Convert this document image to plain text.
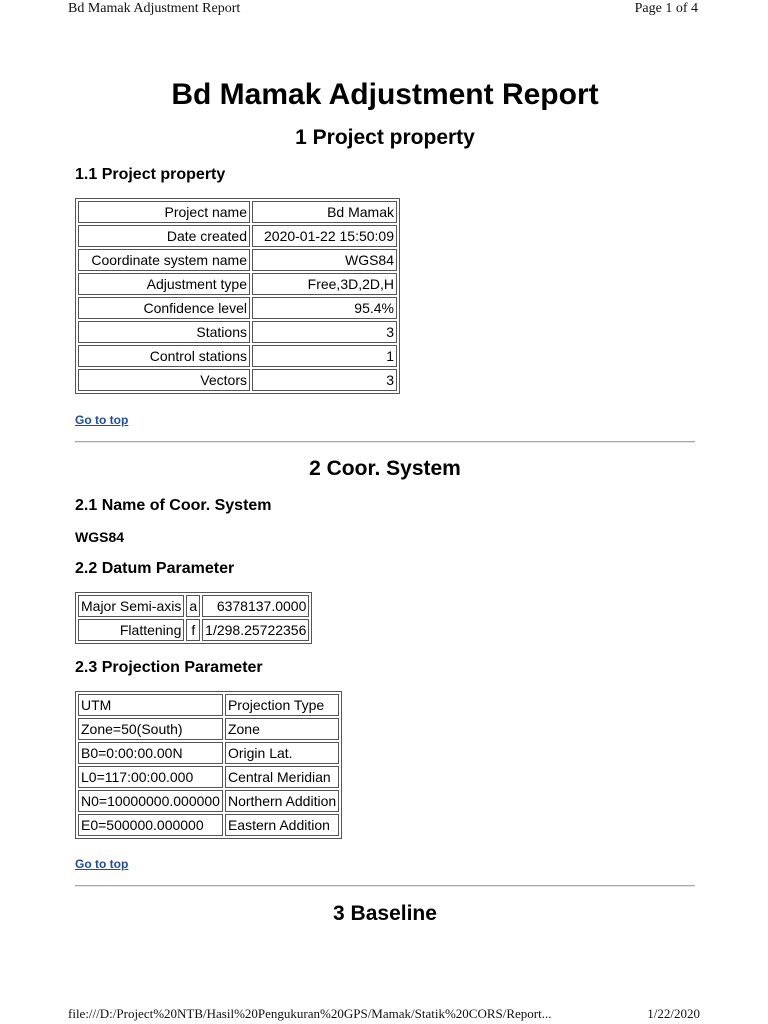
Bd Mamak Adjustment Report	Page 1 of 4
Bd Mamak Adjustment Report
1 Project property
1.1 Project property
Project name	Bd Mamak
Date created	2020-01-22 15:50:09
Coordinate system name	WGS84
Adjustment type	Free,3D,2D,H
Confidence level	95.4%
Stations	3
Control stations	1
Vectors	3
Go to top
2 Coor. System
2.1 Name of Coor. System
WGS84
2.2 Datum Parameter
Major Semi-axis	a	6378137.0000
Flattening	f	1/298.25722356
2.3 Projection Parameter
UTM	Projection Type
Zone=50(South)	Zone
B0=0:00:00.00N	Origin Lat.
L0=117:00:00.000	Central Meridian
N0=10000000.000000	Northern Addition
E0=500000.000000	Eastern Addition
Go to top
3 Baseline
file:///D:/Project%20NTB/Hasil%20Pengukuran%20GPS/Mamak/Statik%20CORS/Report...	1/22/2020
